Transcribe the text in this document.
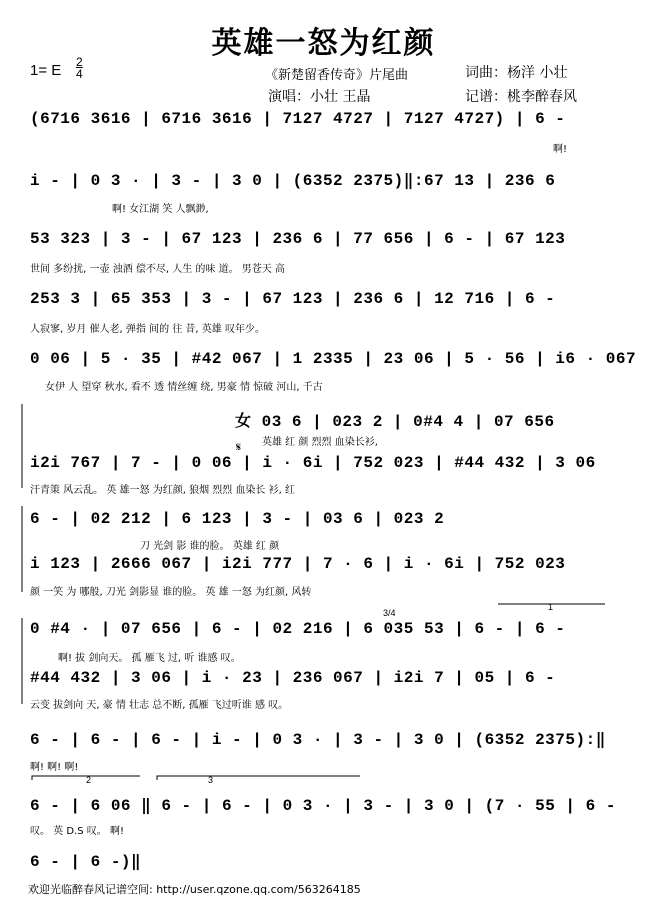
英雄一怒为红颜
1= E 2
4	《新楚留香传奇》片尾曲	词曲：杨洋 小壮
演唱：小壮 王晶	记谱：桃李醉春风
(6716 3616 | 6716 3616 | 7127 4727 | 7127 4727) | 6 -
啊!
i - | 0 3 · | 3 - | 3 0 | (6352 2375)‖:67 13 | 236 6
啊! 女江湖 笑 人飘渺,
53 323 | 3 - | 67 123 | 236 6 | 77 656 | 6 - | 67 123
世间 多纷扰, 一壶 浊酒 偿不尽, 人生 的味 道。 男苍天 高
253 3 | 65 353 | 3 - | 67 123 | 236 6 | 12 716 | 6 -
人寂寥, 岁月 催人老, 弹指 间的 往 昔, 英雄 叹年少。
0 06 | 5 · 35 | #42 067 | 1 2335 | 23 06 | 5 · 56 | i6 · 067
女伊 人 望穿 秋水, 看不 透 情丝缠 绕, 男豪 情 惊破 河山, 千古
女 03 6 | 023 2 | 0#4 4 | 07 656
英雄 红 颜 烈烈 血染长衫,
i2i 767 | 7 - | 0 06 | i · 6i | 752 023 | #44 432 | 3 06
汗青策 风云乱。 英 雄一怒 为红颜, 狼烟 烈烈 血染长 衫, 红
6 - | 02 212 | 6 123 | 3 - | 03 6 | 023 2
刀 光剑 影 谁的脸。 英雄 红 颜
i 123 | 2666 067 | i2i 777 | 7 · 6 | i · 6i | 752 023
颜 一笑 为 哪般, 刀光 剑影显 谁的脸。 英 雄 一怒 为红颜, 风转
0 #4 · | 07 656 | 6 - | 02 216 | 6 035 53 | 6 - | 6 -
啊! 拔 剑向天。 孤 雁飞 过, 听 谁感 叹。
#44 432 | 3 06 | i · 23 | 236 067 | i2i 7 | 05 | 6 -
云变 拔剑向 天, 豪 情 壮志 总不断, 孤雁 飞过听谁 感 叹。
6 - | 6 - | 6 - | i - | 0 3 · | 3 - | 3 0 | (6352 2375):‖
啊! 啊! 啊!
6 - | 6 06 ‖ 6 - | 6 - | 0 3 · | 3 - | 3 0 | (7 · 55 | 6 -
叹。 英 D.S 叹。 啊!
6 - | 6 -)‖
𝄋
1
2	3
3/4
欢迎光临醉春风记谱空间: http://user.qzone.qq.com/563264185
